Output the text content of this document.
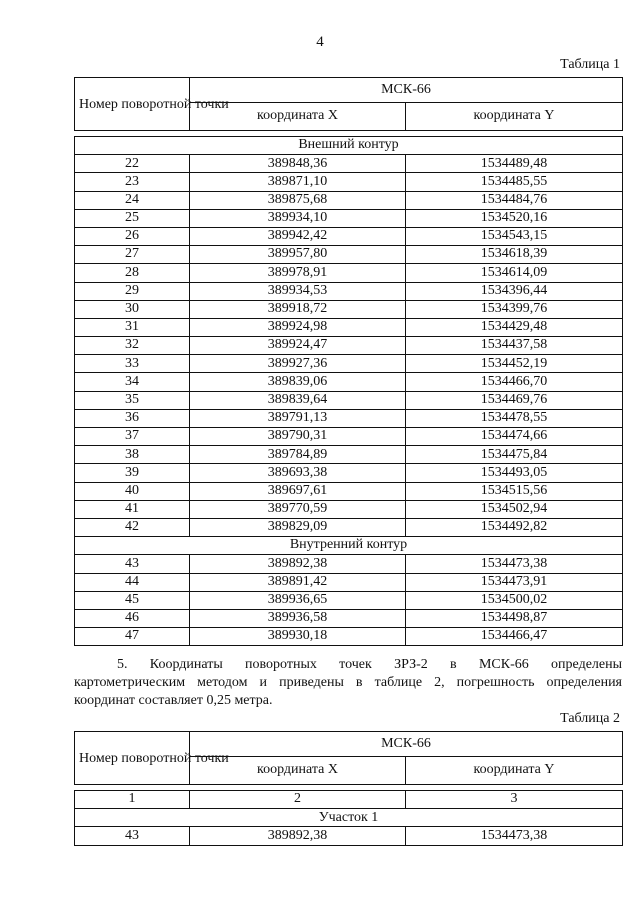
4
Таблица 1
Номер поворотной точки	МСК-66	
	координата X	координата Y

Внешний контур		
22	389848,36	1534489,48
23	389871,10	1534485,55
24	389875,68	1534484,76
25	389934,10	1534520,16
26	389942,42	1534543,15
27	389957,80	1534618,39
28	389978,91	1534614,09
29	389934,53	1534396,44
30	389918,72	1534399,76
31	389924,98	1534429,48
32	389924,47	1534437,58
33	389927,36	1534452,19
34	389839,06	1534466,70
35	389839,64	1534469,76
36	389791,13	1534478,55
37	389790,31	1534474,66
38	389784,89	1534475,84
39	389693,38	1534493,05
40	389697,61	1534515,56
41	389770,59	1534502,94
42	389829,09	1534492,82
Внутренний контур		
43	389892,38	1534473,38
44	389891,42	1534473,91
45	389936,65	1534500,02
46	389936,58	1534498,87
47	389930,18	1534466,47
5. Координаты поворотных точек ЗРЗ-2 в МСК-66 определены
картометрическим методом и приведены в таблице 2, погрешность определения
координат составляет 0,25 метра.
Таблица 2
Номер поворотной точки	МСК-66	
	координата X	координата Y

1	2	3
Участок 1		
43	389892,38	1534473,38
